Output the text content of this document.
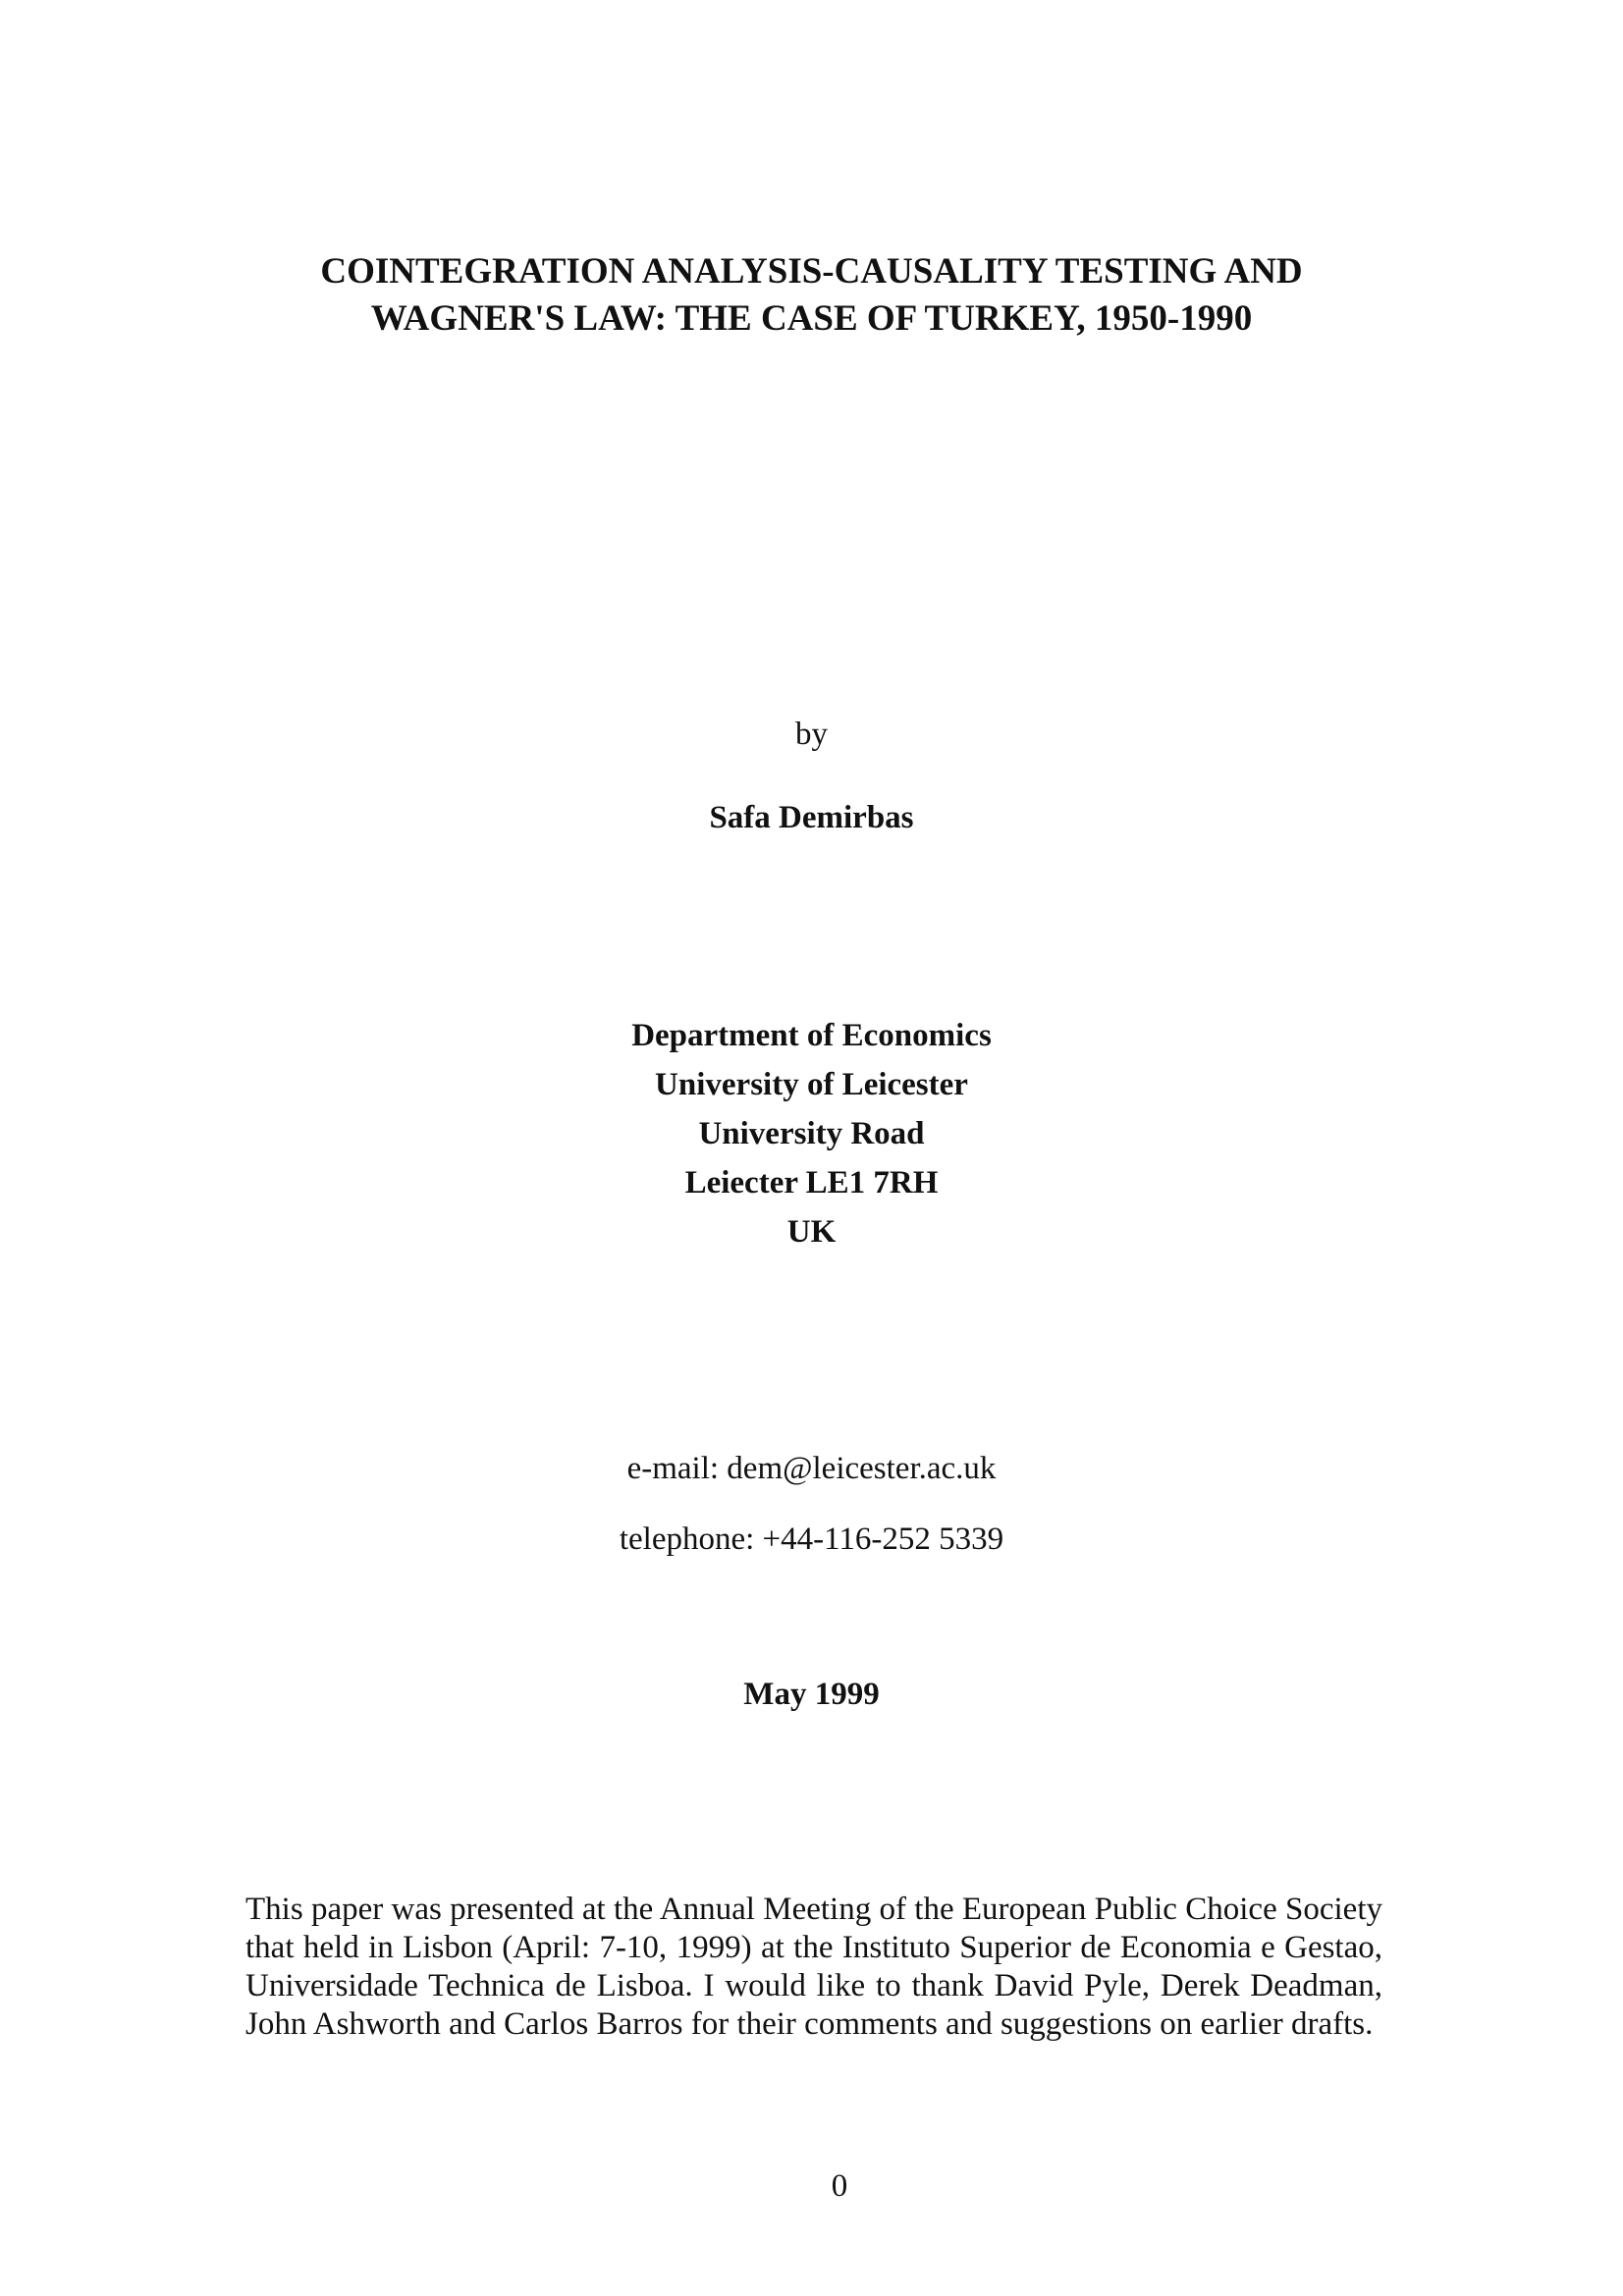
COINTEGRATION ANALYSIS-CAUSALITY TESTING AND
WAGNER'S LAW: THE CASE OF TURKEY, 1950-1990

by

Safa Demirbas

Department of Economics
University of Leicester
University Road
Leiecter LE1 7RH
UK

e-mail: dem@leicester.ac.uk

telephone: +44-116-252 5339

May 1999

This paper was presented at the Annual Meeting of the European Public Choice Society that held in Lisbon (April: 7-10, 1999) at the Instituto Superior de Economia e Gestao, Universidade Technica de Lisboa. I would like to thank David Pyle, Derek Deadman, John Ashworth and Carlos Barros for their comments and suggestions on earlier drafts.

0
